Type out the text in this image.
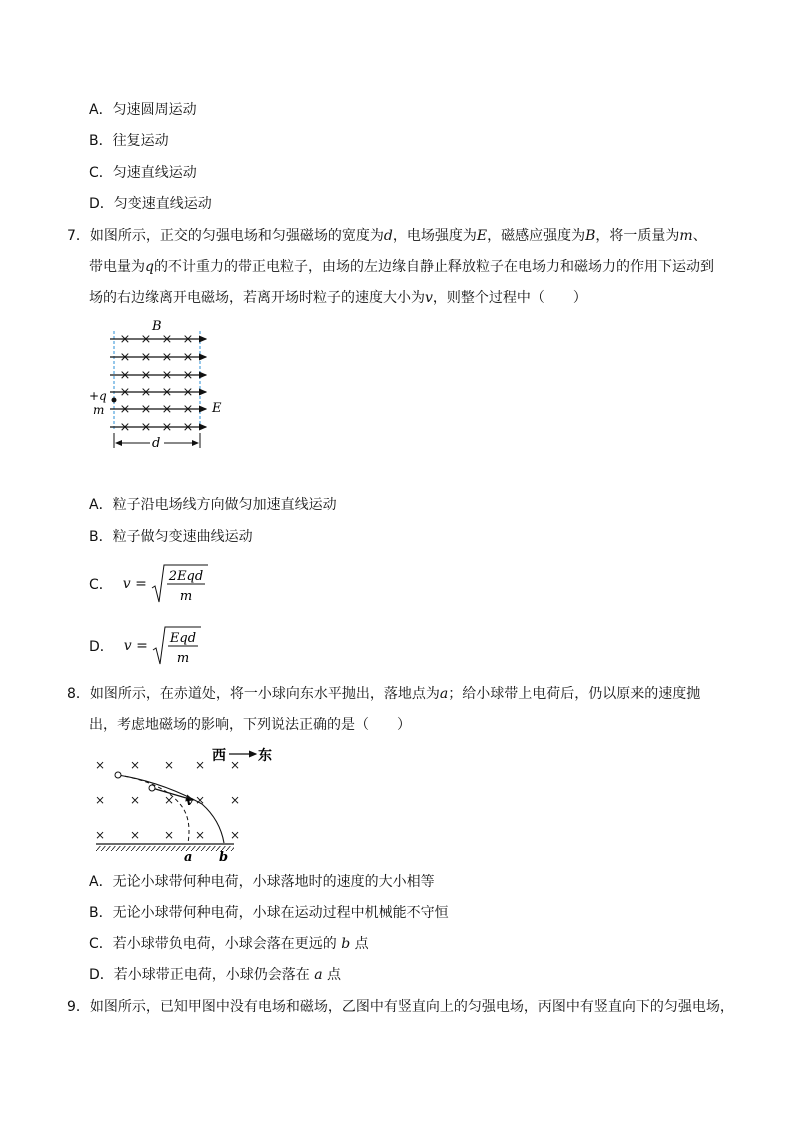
A．匀速圆周运动
B．往复运动
C．匀速直线运动
D．匀变速直线运动
7．如图所示，正交的匀强电场和匀强磁场的宽度为d，电场强度为E，磁感应强度为B，将一质量为m、
带电量为q的不计重力的带正电粒子，由场的左边缘自静止释放粒子在电场力和磁场力的作用下运动到
场的右边缘离开电磁场，若离开场时粒子的速度大小为v，则整个过程中（　　）
B
× × × ×
× × × ×
× × × ×
× × × ×
× × × ×
× × × ×
+q
m	E
d
A．粒子沿电场线方向做匀加速直线运动
B．粒子做匀变速曲线运动
C． v = 2Eqd
m
D． v = Eqd
m
8．如图所示，在赤道处，将一小球向东水平抛出，落地点为a；给小球带上电荷后，仍以原来的速度抛
出，考虑地磁场的影响，下列说法正确的是（　　）
西 东
× × × × ×
× × × × ×
× × × × ×
v
a b
A．无论小球带何种电荷，小球落地时的速度的大小相等
B．无论小球带何种电荷，小球在运动过程中机械能不守恒
C．若小球带负电荷，小球会落在更远的 b 点
D．若小球带正电荷，小球仍会落在 a 点
9．如图所示，已知甲图中没有电场和磁场，乙图中有竖直向上的匀强电场，丙图中有竖直向下的匀强电场，
